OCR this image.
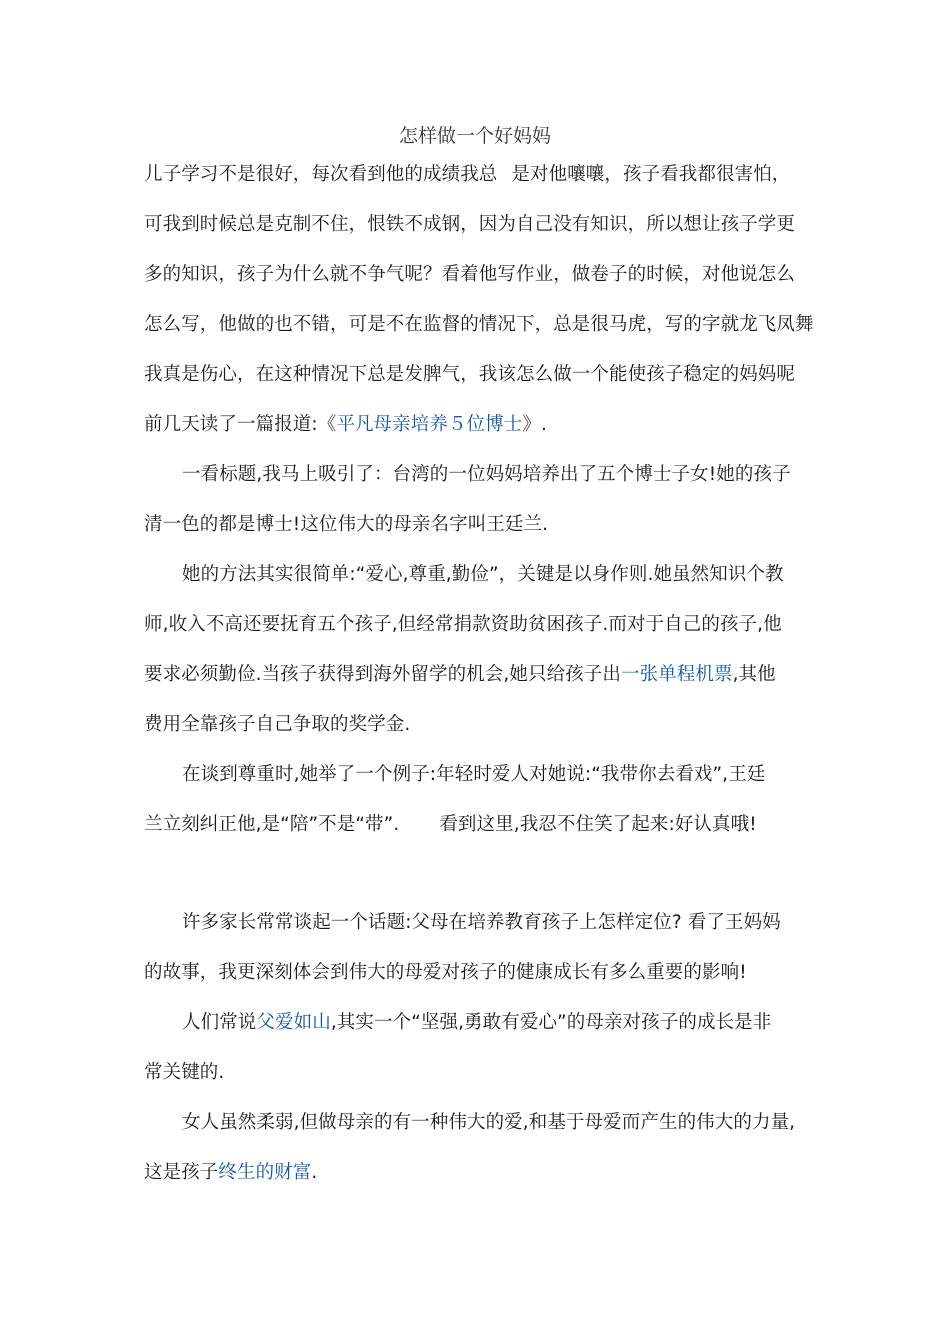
怎样做一个好妈妈
儿子学习不是很好，每次看到他的成绩我总 是对他嚷嚷，孩子看我都很害怕，
可我到时候总是克制不住，恨铁不成钢，因为自己没有知识，所以想让孩子学更
多的知识，孩子为什么就不争气呢？看着他写作业，做卷子的时候，对他说怎么
怎么写，他做的也不错，可是不在监督的情况下，总是很马虎，写的字就龙飞凤舞
我真是伤心，在这种情况下总是发脾气，我该怎么做一个能使孩子稳定的妈妈呢
前几天读了一篇报道:《平凡母亲培养５位博士》.
一看标题,我马上吸引了：台湾的一位妈妈培养出了五个博士子女!她的孩子
清一色的都是博士!这位伟大的母亲名字叫王廷兰.
她的方法其实很简单:“爱心,尊重,勤俭”，关键是以身作则.她虽然知识个教
师,收入不高还要抚育五个孩子,但经常捐款资助贫困孩子.而对于自己的孩子,他
要求必须勤俭.当孩子获得到海外留学的机会,她只给孩子出一张单程机票,其他
费用全靠孩子自己争取的奖学金.
在谈到尊重时,她举了一个例子:年轻时爱人对她说:“我带你去看戏”,王廷
兰立刻纠正他,是“陪”不是“带”. 看到这里,我忍不住笑了起来:好认真哦!
许多家长常常谈起一个话题:父母在培养教育孩子上怎样定位? 看了王妈妈
的故事，我更深刻体会到伟大的母爱对孩子的健康成长有多么重要的影响!
人们常说父爱如山,其实一个“坚强,勇敢有爱心”的母亲对孩子的成长是非
常关键的.
女人虽然柔弱,但做母亲的有一种伟大的爱,和基于母爱而产生的伟大的力量,
这是孩子终生的财富.
